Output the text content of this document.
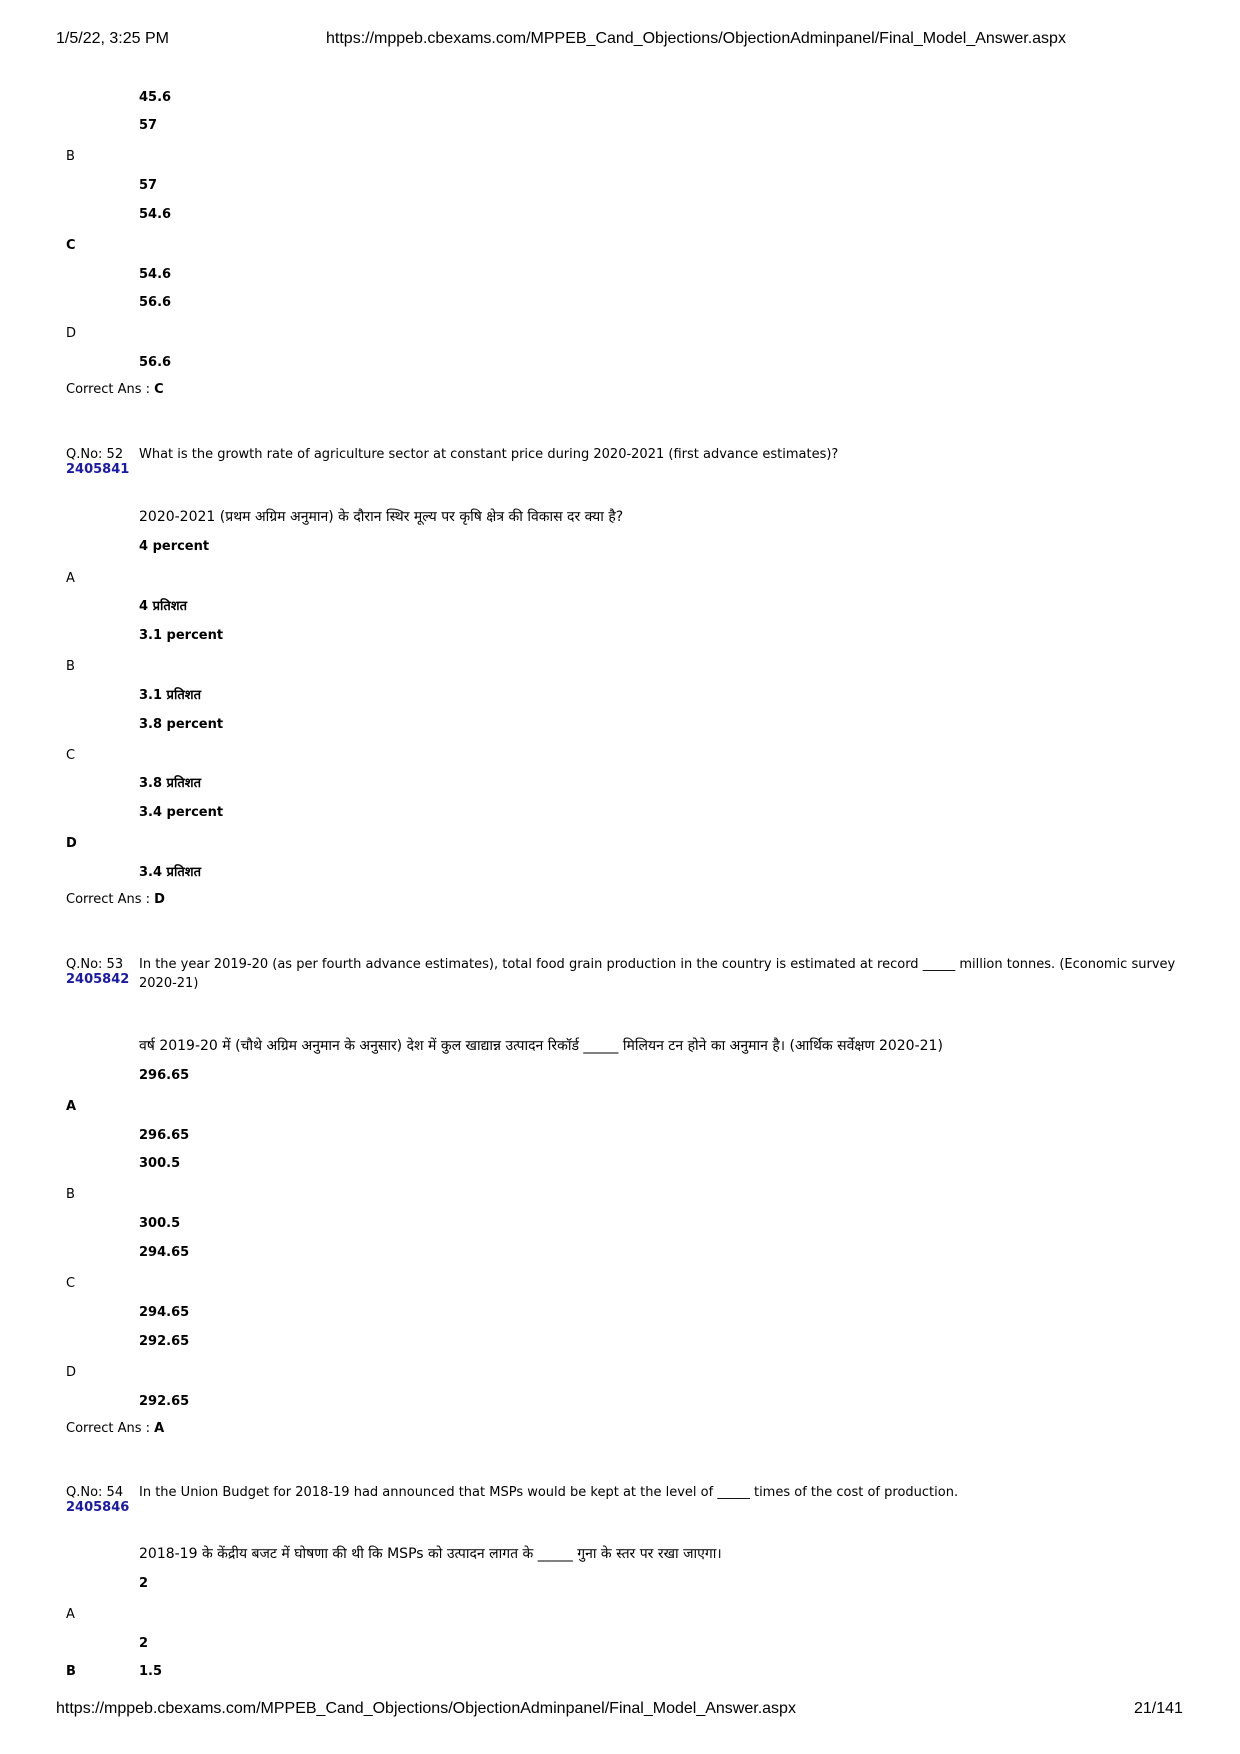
1/5/22, 3:25 PM	https://mppeb.cbexams.com/MPPEB_Cand_Objections/ObjectionAdminpanel/Final_Model_Answer.aspx
45.6
57
B
57
54.6
C
54.6
56.6
D
56.6
Correct Ans : C
Q.No: 52
2405841
What is the growth rate of agriculture sector at constant price during 2020-2021 (first advance estimates)?
2020-2021 (प्रथम अग्रिम अनुमान) के दौरान स्थिर मूल्य पर कृषि क्षेत्र की विकास दर क्या है?
4 percent
A
4 प्रतिशत
3.1 percent
B
3.1 प्रतिशत
3.8 percent
C
3.8 प्रतिशत
3.4 percent
D
3.4 प्रतिशत
Correct Ans : D
Q.No: 53
2405842
In the year 2019-20 (as per fourth advance estimates), total food grain production in the country is estimated at record _____ million tonnes. (Economic survey 2020-21)
वर्ष 2019-20 में (चौथे अग्रिम अनुमान के अनुसार) देश में कुल खाद्यान्न उत्पादन रिकॉर्ड _____ मिलियन टन होने का अनुमान है। (आर्थिक सर्वेक्षण 2020-21)
296.65
A
296.65
300.5
B
300.5
294.65
C
294.65
292.65
D
292.65
Correct Ans : A
Q.No: 54
2405846
In the Union Budget for 2018-19 had announced that MSPs would be kept at the level of _____ times of the cost of production.
2018-19 के केंद्रीय बजट में घोषणा की थी कि MSPs को उत्पादन लागत के _____ गुना के स्तर पर रखा जाएगा।
2
A
2
B	1.5
https://mppeb.cbexams.com/MPPEB_Cand_Objections/ObjectionAdminpanel/Final_Model_Answer.aspx	21/141
